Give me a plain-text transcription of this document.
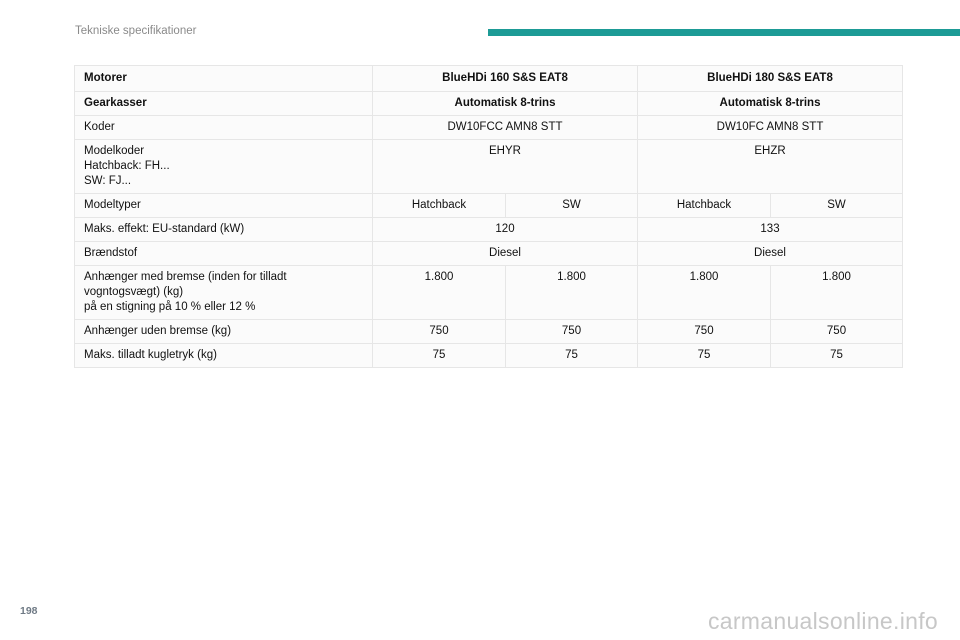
Tekniske specifikationer
Motorer	BlueHDi 160 S&S EAT8		BlueHDi 180 S&S EAT8	
Gearkasser	Automatisk 8-trins		Automatisk 8-trins	
Koder	DW10FCC AMN8 STT		DW10FC AMN8 STT	

Modelkoder
Hatchback: FH...
SW: FJ...	EHYR		EHZR	
Modeltyper	Hatchback	SW	Hatchback	SW
Maks. effekt: EU-standard (kW)	120		133	
Brændstof	Diesel		Diesel	

Anhænger med bremse (inden for tilladt
vogntogsvægt) (kg)
på en stigning på 10 % eller 12 %	1.800	1.800	1.800	1.800
Anhænger uden bremse (kg)	750	750	750	750
Maks. tilladt kugletryk (kg)	75	75	75	75
198	carmanualsonline.info
